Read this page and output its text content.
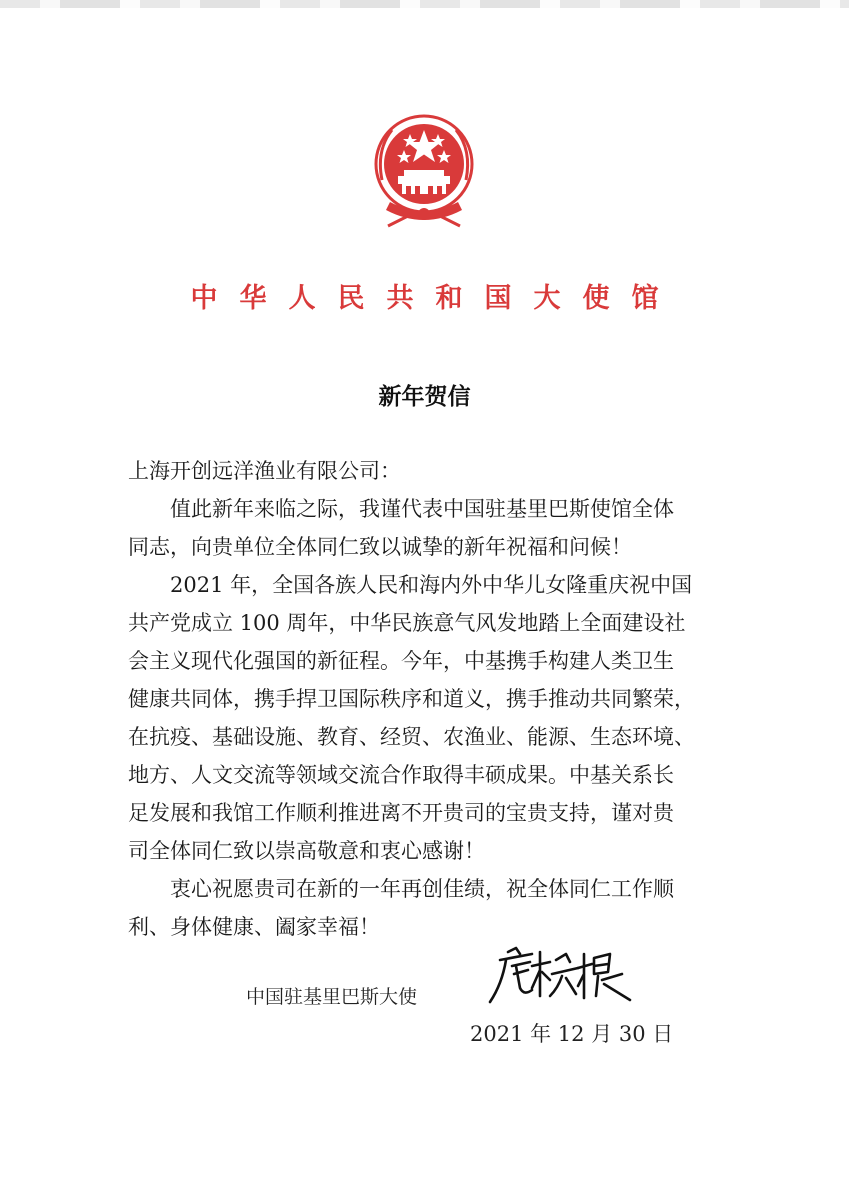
中华人民共和国大使馆
新年贺信

上海开创远洋渔业有限公司：

值此新年来临之际，我谨代表中国驻基里巴斯使馆全体
同志，向贵单位全体同仁致以诚挚的新年祝福和问候！

2021 年，全国各族人民和海内外中华儿女隆重庆祝中国
共产党成立 100 周年，中华民族意气风发地踏上全面建设社
会主义现代化强国的新征程。今年，中基携手构建人类卫生
健康共同体，携手捍卫国际秩序和道义，携手推动共同繁荣，
在抗疫、基础设施、教育、经贸、农渔业、能源、生态环境、
地方、人文交流等领域交流合作取得丰硕成果。中基关系长
足发展和我馆工作顺利推进离不开贵司的宝贵支持，谨对贵
司全体同仁致以崇高敬意和衷心感谢！

衷心祝愿贵司在新的一年再创佳绩，祝全体同仁工作顺
利、身体健康、阖家幸福！

中国驻基里巴斯大使
2021 年 12 月 30 日
